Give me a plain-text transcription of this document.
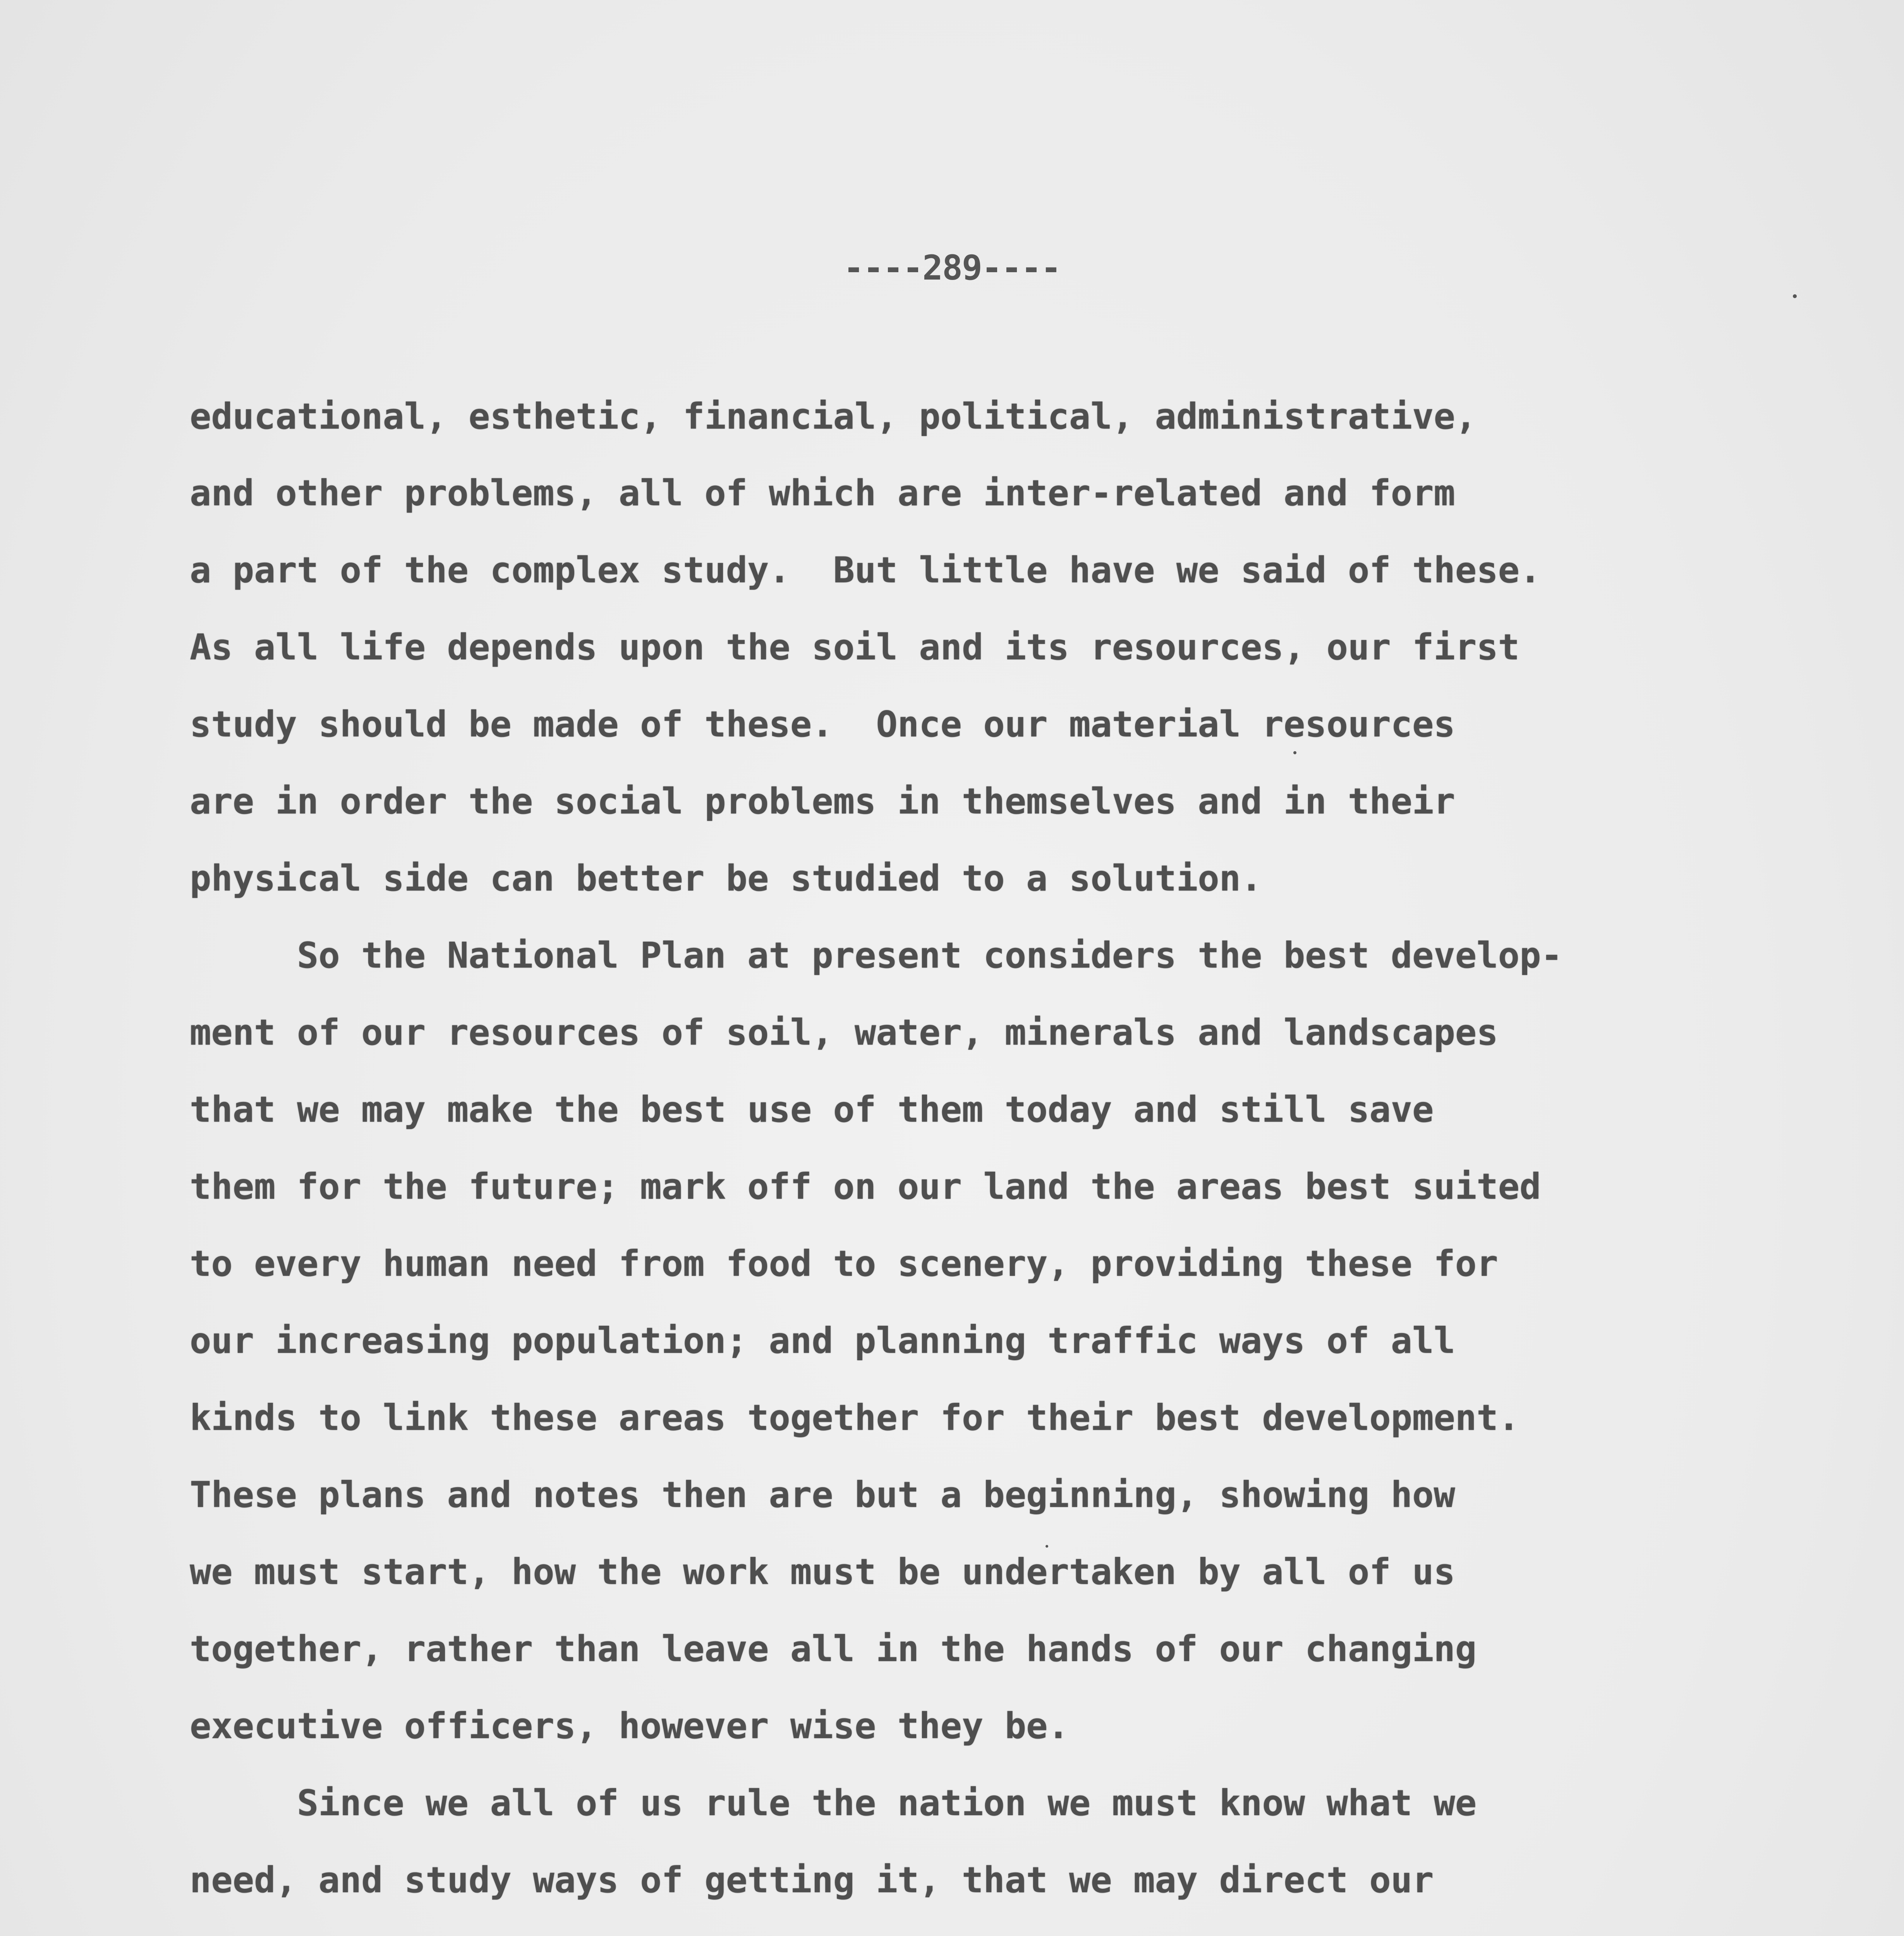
----289----
educational, esthetic, financial, political, administrative,
and other problems, all of which are inter-related and form
a part of the complex study.  But little have we said of these.
As all life depends upon the soil and its resources, our first
study should be made of these.  Once our material resources
are in order the social problems in themselves and in their
physical side can better be studied to a solution.
So the National Plan at present considers the best develop-
ment of our resources of soil, water, minerals and landscapes
that we may make the best use of them today and still save
them for the future; mark off on our land the areas best suited
to every human need from food to scenery, providing these for
our increasing population; and planning traffic ways of all
kinds to link these areas together for their best development.
These plans and notes then are but a beginning, showing how
we must start, how the work must be undertaken by all of us
together, rather than leave all in the hands of our changing
executive officers, however wise they be.
Since we all of us rule the nation we must know what we
need, and study ways of getting it, that we may direct our
